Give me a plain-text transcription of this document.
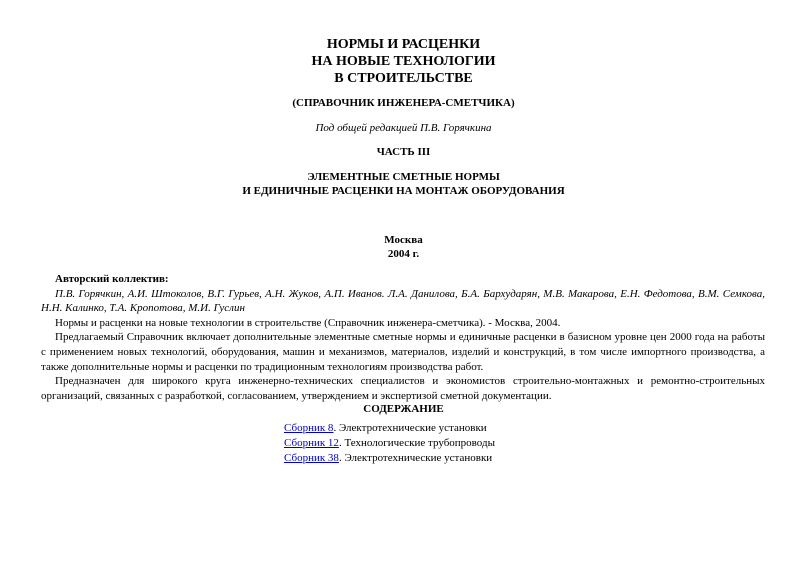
НОРМЫ И РАСЦЕНКИ
НА НОВЫЕ ТЕХНОЛОГИИ
В СТРОИТЕЛЬСТВЕ
(СПРАВОЧНИК ИНЖЕНЕРА-СМЕТЧИКА)
Под общей редакцией П.В. Горячкина
ЧАСТЬ III
ЭЛЕМЕНТНЫЕ СМЕТНЫЕ НОРМЫ
И ЕДИНИЧНЫЕ РАСЦЕНКИ НА МОНТАЖ ОБОРУДОВАНИЯ
Москва
2004 г.

Авторский коллектив:

П.В. Горячкин, А.И. Штоколов, В.Г. Гурьев, А.Н. Жуков, А.П. Иванов. Л.А. Данилова, Б.А. Бархударян, М.В. Макарова, Е.Н. Федотова, В.М. Семкова, Н.Н. Калинко, Т.А. Кропотова, М.И. Гуслин

Нормы и расценки на новые технологии в строительстве (Справочник инженера-сметчика). - Москва, 2004.

Предлагаемый Справочник включает дополнительные элементные сметные нормы и единичные расценки в базисном уровне цен 2000 года на работы с применением новых технологий, оборудования, машин и механизмов, материалов, изделий и конструкций, в том числе импортного производства, а также дополнительные нормы и расценки по традиционным технологиям производства работ.

Предназначен для широкого круга инженерно-технических специалистов и экономистов строительно-монтажных и ремонтно-строительных организаций, связанных с разработкой, согласованием, утверждением и экспертизой сметной документации.

СОДЕРЖАНИЕ
Сборник 8. Электротехнические установки
Сборник 12. Технологические трубопроводы
Сборник 38. Электротехнические установки
